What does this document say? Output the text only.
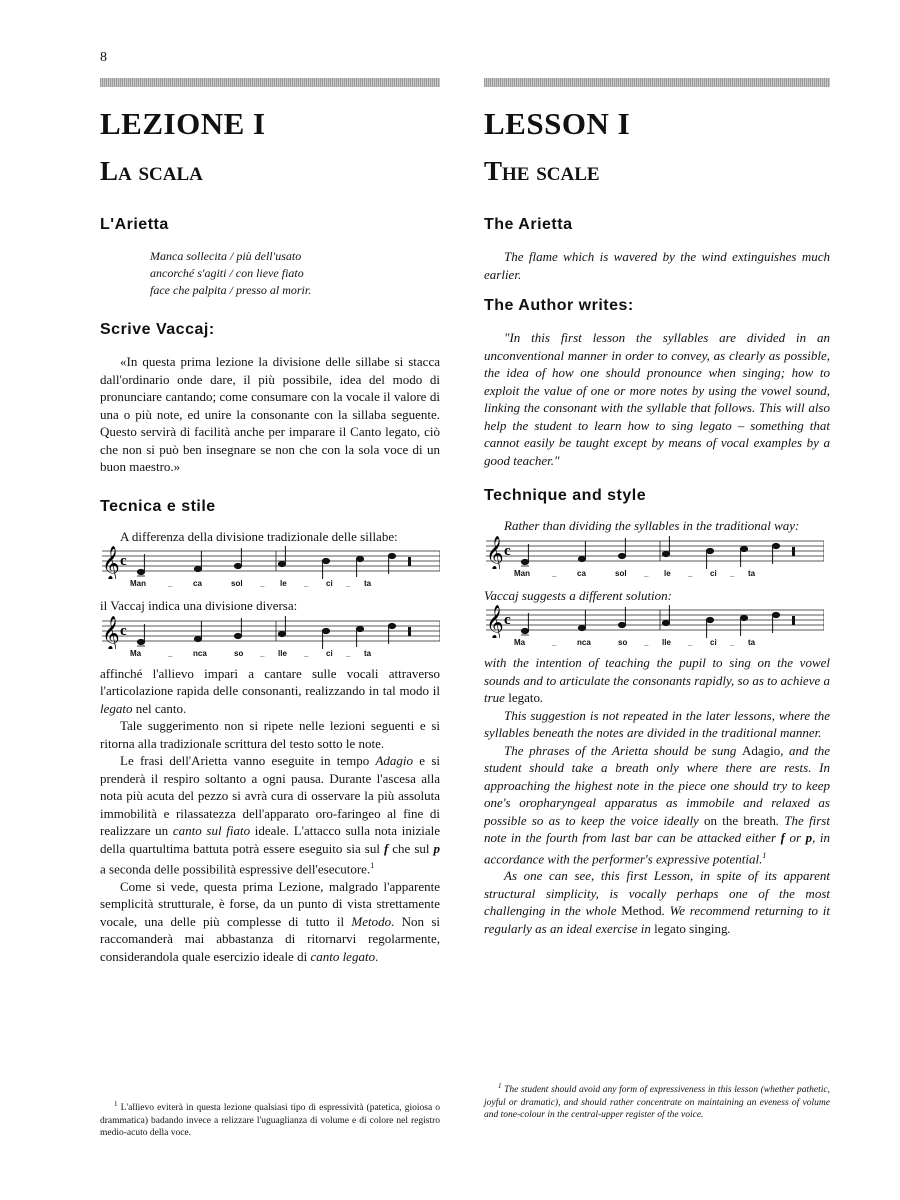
8
LEZIONE I
La scala
L'Arietta
Manca sollecita / più dell'usato
ancorché s'agiti / con lieve fiato
face che palpita / presso al morir.
Scrive Vaccaj:

«In questa prima lezione la divisione delle sillabe si stacca dall'ordinario onde dare, il più possibile, idea del modo di pronunciare cantando; come consumare con la vocale il valore di una o più note, ed unire la consonante con la sillaba seguente. Questo servirà di facilità anche per imparare il Canto legato, ciò che non si può ben insegnare se non che con la sola voce di un buon maestro.»

Tecnica e stile

A differenza della divisione tradizionale delle sillabe:

𝄞 c
Man	_	ca	sol _ le _ ci _ ta

il Vaccaj indica una divisione diversa:

𝄞 c
Ma	_	nca	so _ lle _ ci _ ta

affinché l'allievo impari a cantare sulle vocali attraverso l'articolazione rapida delle consonanti, realizzando in tal modo il legato nel canto.

Tale suggerimento non si ripete nelle lezioni seguenti e si ritorna alla tradizionale scrittura del testo sotto le note.

Le frasi dell'Arietta vanno eseguite in tempo Adagio e si prenderà il respiro soltanto a ogni pausa. Durante l'ascesa alla nota più acuta del pezzo si avrà cura di osservare la più assoluta immobilità e rilassatezza dell'apparato oro-faringeo al fine di realizzare un canto sul fiato ideale. L'attacco sulla nota iniziale della quartultima battuta potrà essere eseguito sia sul f che sul p a seconda delle possibilità espressive dell'esecutore.$^1$

Come si vede, questa prima Lezione, malgrado l'apparente semplicità strutturale, è forse, da un punto di vista strettamente vocale, una delle più complesse di tutto il Metodo. Non si raccomanderà mai abbastanza di ritornarvi regolarmente, considerandola quale esercizio ideale di canto legato.

$^1$ L'allievo eviterà in questa lezione qualsiasi tipo di espressività (patetica, gioiosa o drammatica) badando invece a relizzare l'uguaglianza di volume e di colore nel registro medio-acuto della voce.

LESSON I
The scale
The Arietta

The flame which is wavered by the wind extinguishes much earlier.

The Author writes:

"In this first lesson the syllables are divided in an unconventional manner in order to convey, as clearly as possible, the idea of how one should pronounce when singing; how to exploit the value of one or more notes by using the vowel sound, linking the consonant with the syllable that follows. This will also help the student to learn how to sing legato – something that cannot easily be taught except by means of vocal examples by a good teacher."

Technique and style

Rather than dividing the syllables in the traditional way:

𝄞 c
Man	_	ca	sol _ le _ ci _ ta

Vaccaj suggests a different solution:

𝄞 c
Ma	_	nca	so _ lle _ ci _ ta

with the intention of teaching the pupil to sing on the vowel sounds and to articulate the consonants rapidly, so as to achieve a true legato.

This suggestion is not repeated in the later lessons, where the syllables beneath the notes are divided in the traditional manner.

The phrases of the Arietta should be sung Adagio, and the student should take a breath only where there are rests. In approaching the highest note in the piece one should try to keep one's oropharyngeal apparatus as immobile and relaxed as possible so as to keep the voice ideally on the breath. The first note in the fourth from last bar can be attacked either f or p, in accordance with the performer's expressive potential.$^1$

As one can see, this first Lesson, in spite of its apparent structural simplicity, is vocally perhaps one of the most challenging in the whole Method. We recommend returning to it regularly as an ideal exercise in legato singing.

$^1$ The student should avoid any form of expressiveness in this lesson (whether pathetic, joyful or dramatic), and should rather concentrate on maintaining an eveness of volume and tone-colour in the central-upper register of the voice.
